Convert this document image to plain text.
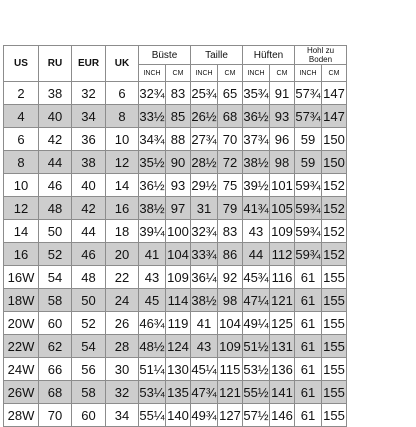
US	RU	EUR	UK	Büste		Taille		Hüften		Hohl zu Boden	
				INCH	CM	INCH	CM	INCH	CM	INCH	CM
2	38	32	6	32¾	83	25¾	65	35¾	91	57¾	147
4	40	34	8	33½	85	26½	68	36½	93	57¾	147
6	42	36	10	34¾	88	27¾	70	37¾	96	59	150
8	44	38	12	35½	90	28½	72	38½	98	59	150
10	46	40	14	36½	93	29½	75	39½	101	59¾	152
12	48	42	16	38½	97	31	79	41¾	105	59¾	152
14	50	44	18	39¼	100	32¾	83	43	109	59¾	152
16	52	46	20	41	104	33¾	86	44	112	59¾	152
16W	54	48	22	43	109	36¼	92	45¾	116	61	155
18W	58	50	24	45	114	38½	98	47¼	121	61	155
20W	60	52	26	46¾	119	41	104	49¼	125	61	155
22W	62	54	28	48½	124	43	109	51½	131	61	155
24W	66	56	30	51¼	130	45¼	115	53½	136	61	155
26W	68	58	32	53¼	135	47¾	121	55½	141	61	155
28W	70	60	34	55¼	140	49¾	127	57½	146	61	155
